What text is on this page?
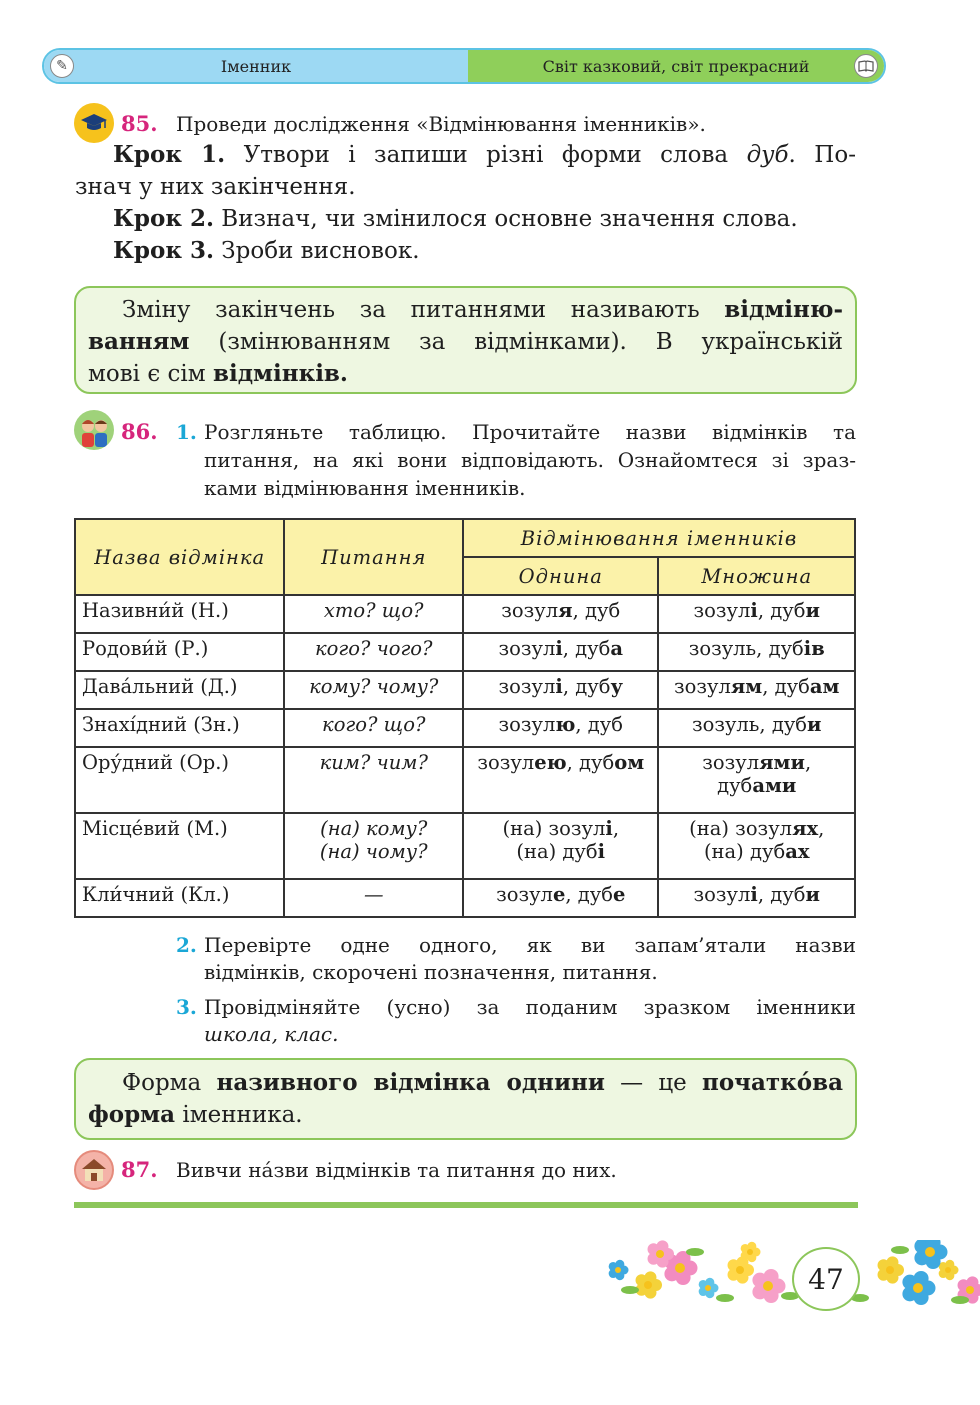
✎	Іменник	Світ казковий, світ прекрасний
85. Проведи дослідження «Відмінювання іменників».
Крок 1. Утвори і запиши різні форми слова дуб. По-
знач у них закінчення.
Крок 2. Визнач, чи змінилося основне значення слова.
Крок 3. Зроби висновок.
Зміну закінчень за питаннями називають відміню-
ванням (змінюванням за відмінками). В українській
мові є сім відмінків.
86. 1. Розгляньте таблицю. Прочитайте назви відмінків та
питання, на які вони відповідають. Ознайомтеся зі зраз-
ками відмінювання іменників.
Назва відмінка	Питання	Відмінювання іменників	
		Однина	Множина
Називни́й (Н.)	хто? що?	зозуля, дуб	зозулі, дуби
Родови́й (Р.)	кого? чого?	зозулі, дуба	зозуль, дубів
Дава́льний (Д.)	кому? чому?	зозулі, дубу	зозулям, дубам
Знахі́дний (Зн.)	кого? що?	зозулю, дуб	зозуль, дуби
Ору́дний (Ор.)	ким? чим?	зозулею, дубом	зозулями,
дубами
Місце́вий (М.)	(на) кому?
(на) чому?	(на) зозулі,
(на) дубі	(на) зозулях,
(на) дубах
Кли́чний (Кл.)	—	зозуле, дубе	зозулі, дуби
2. Перевірте одне одного, як ви запам’ятали назви
відмінків, скорочені позначення, питання.
3. Провідміняйте (усно) за поданим зразком іменники
школа, клас.
Форма називного відмінка однини — це початкóва
форма іменника.
87. Вивчи нáзви відмінків та питання до них.
47
